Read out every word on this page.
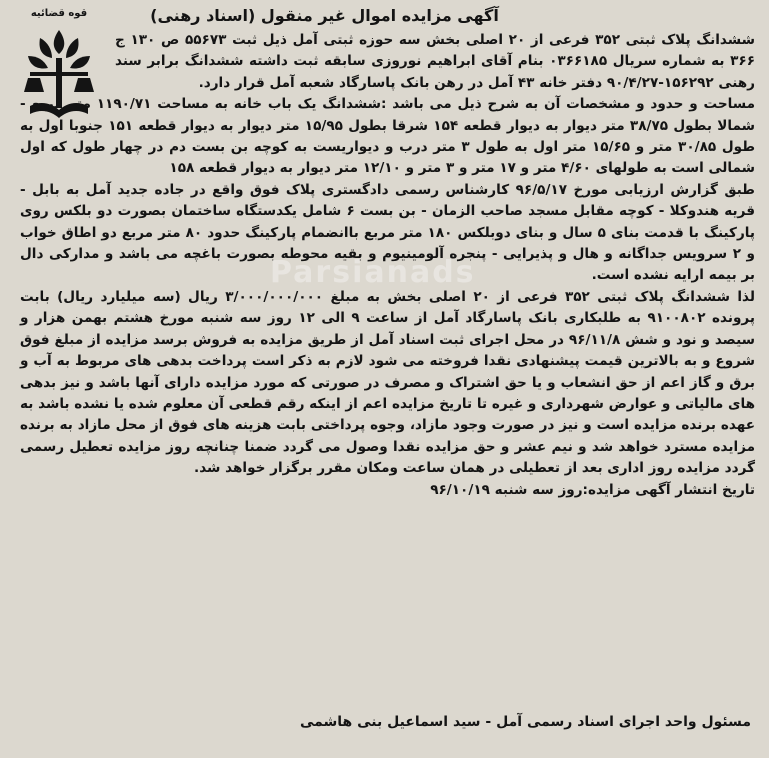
قوه قضائیه	آگهی مزایده اموال غیر منقول (اسناد رهنی)

ششدانگ پلاک ثبتی ۳۵۲ فرعی از ۲۰ اصلی بخش سه حوزه ثبتی آمل ذیل ثبت ۵۵۶۷۳ ص ۱۳۰ ج ۳۶۶ به شماره سریال ۰۳۶۶۱۸۵ بنام آقای ابراهیم نوروزی سابقه ثبت داشته ششدانگ برابر سند رهنی ۱۵۶۲۹۲-۹۰/۴/۲۷ دفتر خانه ۴۳ آمل در رهن بانک پاسارگاد شعبه آمل قرار دارد.

مساحت و حدود و مشخصات آن به شرح ذیل می باشد :ششدانگ یک باب خانه به مساحت ۱۱۹۰/۷۱ متر مربع - شمالا بطول ۳۸/۷۵ متر دیوار به دیوار قطعه ۱۵۴ شرقا بطول ۱۵/۹۵ متر دیوار به دیوار قطعه ۱۵۱ جنوبا اول به طول ۳۰/۸۵ متر و ۱۵/۶۵ متر اول به طول ۳ متر درب و دیواریست به کوچه بن بست دم در چهار طول که اول شمالی است به طولهای ۴/۶۰ متر و ۱۷ متر و ۳ متر و ۱۲/۱۰ متر دیوار به دیوار قطعه ۱۵۸

طبق گزارش ارزیابی مورخ ۹۶/۵/۱۷ کارشناس رسمی دادگستری پلاک فوق واقع در جاده جدید آمل به بابل - قریه هندوکلا - کوچه مقابل مسجد صاحب الزمان - بن بست ۶ شامل یکدستگاه ساختمان بصورت دو بلکس روی پارکینگ با قدمت بنای ۵ سال و بنای دوبلکس ۱۸۰ متر مربع باانضمام پارکینگ حدود ۸۰ متر مربع دو اطاق خواب و ۲ سرویس جداگانه و هال و پذیرایی - پنجره آلومینیوم و بقیه محوطه بصورت باغچه می باشد و مدارکی دال بر بیمه ارایه نشده است.

لذا ششدانگ پلاک ثبتی ۳۵۲ فرعی از ۲۰ اصلی بخش به مبلغ ۳/۰۰۰/۰۰۰/۰۰۰ ریال (سه میلیارد ریال) بابت پرونده ۹۱۰۰۸۰۲ به طلبکاری بانک پاسارگاد آمل از ساعت ۹ الی ۱۲ روز سه شنبه مورخ هشتم بهمن هزار و سیصد و نود و شش ۹۶/۱۱/۸ در محل اجرای ثبت اسناد آمل از طریق مزایده به فروش برسد مزایده از مبلغ فوق شروع و به بالاترین قیمت پیشنهادی نقدا فروخته می شود لازم به ذکر است پرداخت بدهی های مربوط به آب و برق و گاز اعم از حق انشعاب و یا حق اشتراک و مصرف در صورتی که مورد مزایده دارای آنها باشد و نیز بدهی های مالیاتی و عوارض شهرداری و غیره تا تاریخ مزایده اعم از اینکه رقم قطعی آن معلوم شده یا نشده باشد به عهده برنده مزایده است و نیز در صورت وجود مازاد، وجوه پرداختی بابت هزینه های فوق از محل مازاد به برنده مزایده مسترد خواهد شد و نیم عشر و حق مزایده نقدا وصول می گردد ضمنا چنانچه روز مزایده تعطیل رسمی گردد مزایده روز اداری بعد از تعطیلی در همان ساعت ومکان مقرر برگزار خواهد شد.

تاریخ انتشار آگهی مزایده:روز سه شنبه ۹۶/۱۰/۱۹

Parsianads
مسئول واحد اجرای اسناد رسمی آمل - سید اسماعیل بنی هاشمی
